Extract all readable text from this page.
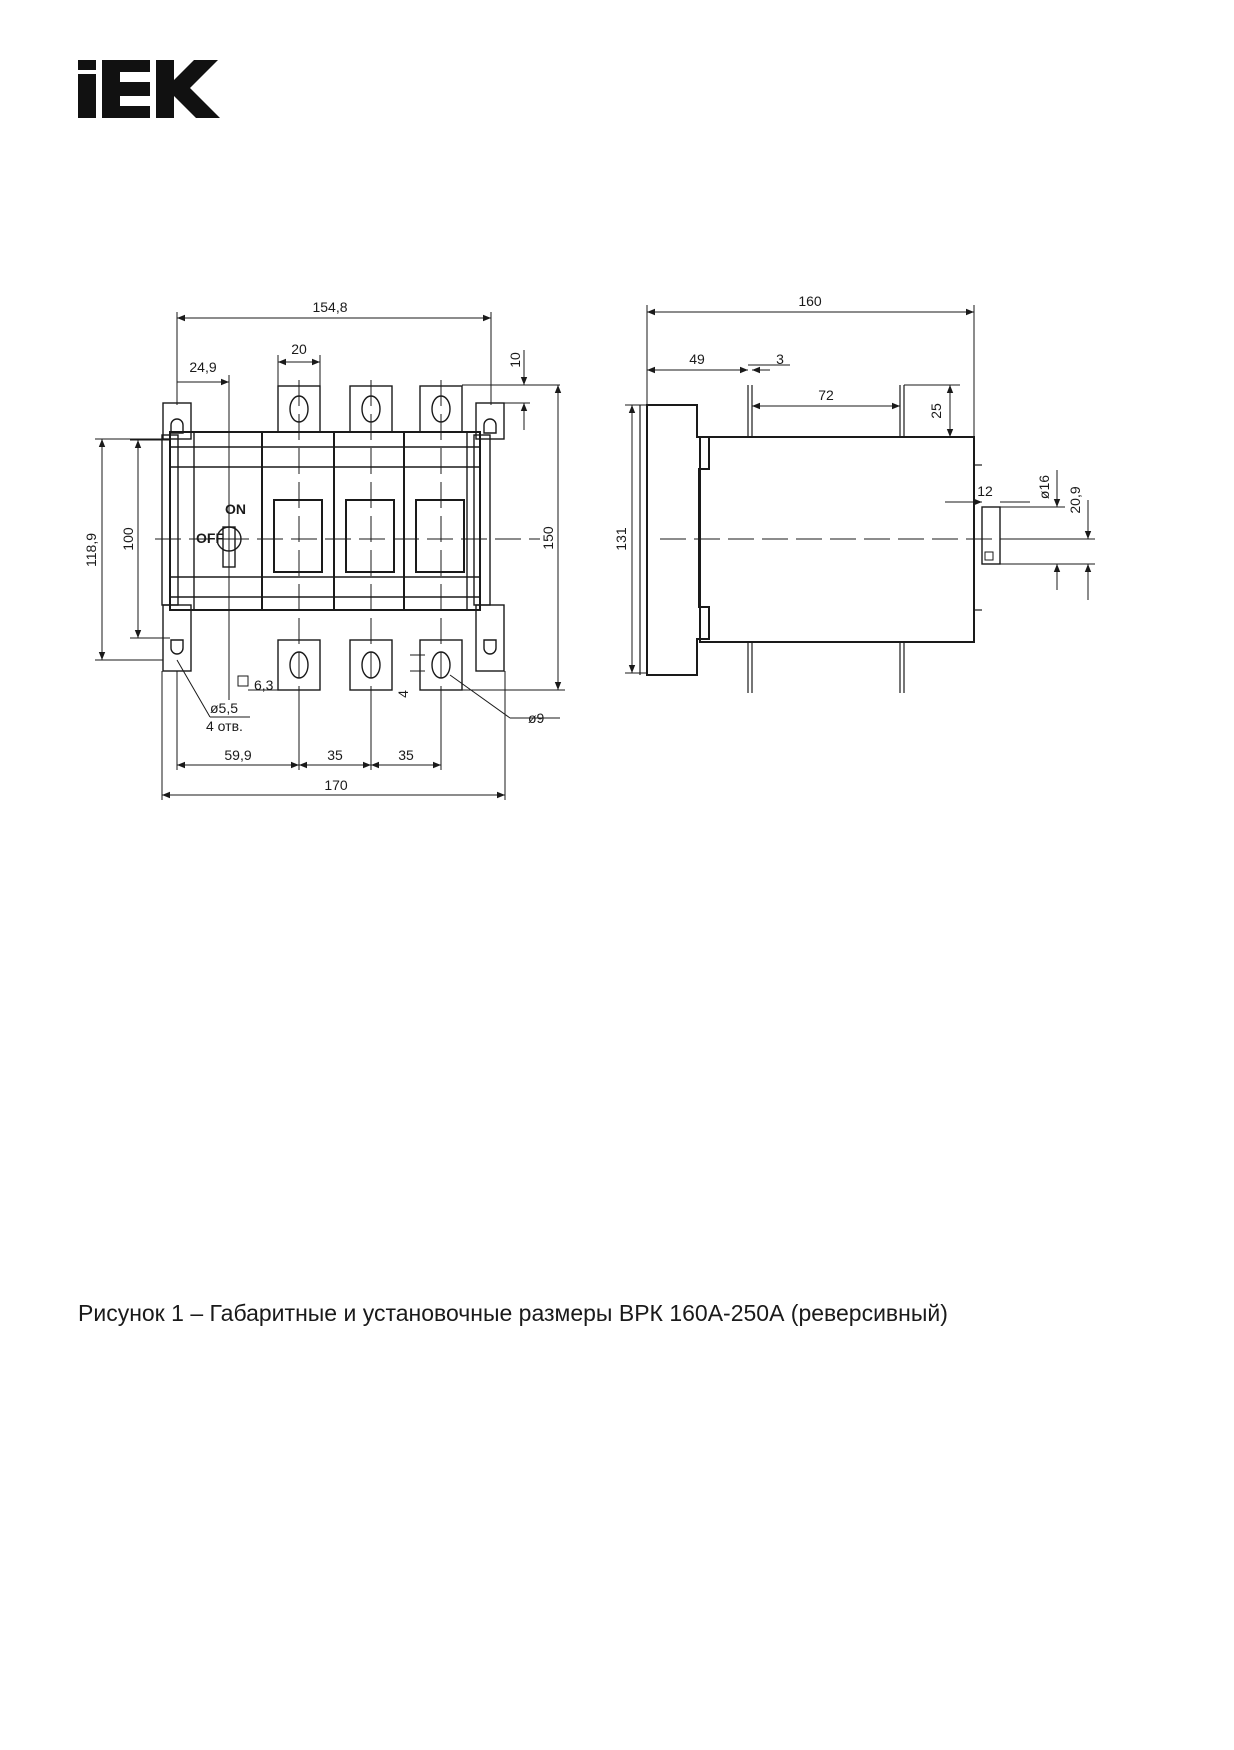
ON
OFF
154,8
20
24,9	10
150
118,9 100
6,3
ø5,5
4 отв.
4
ø9
59,9	35	35
170
160
49	3
72
25
131
12	ø16 20,9
Рисунок 1 – Габаритные и установочные размеры ВРК 160А-250А (реверсивный)
